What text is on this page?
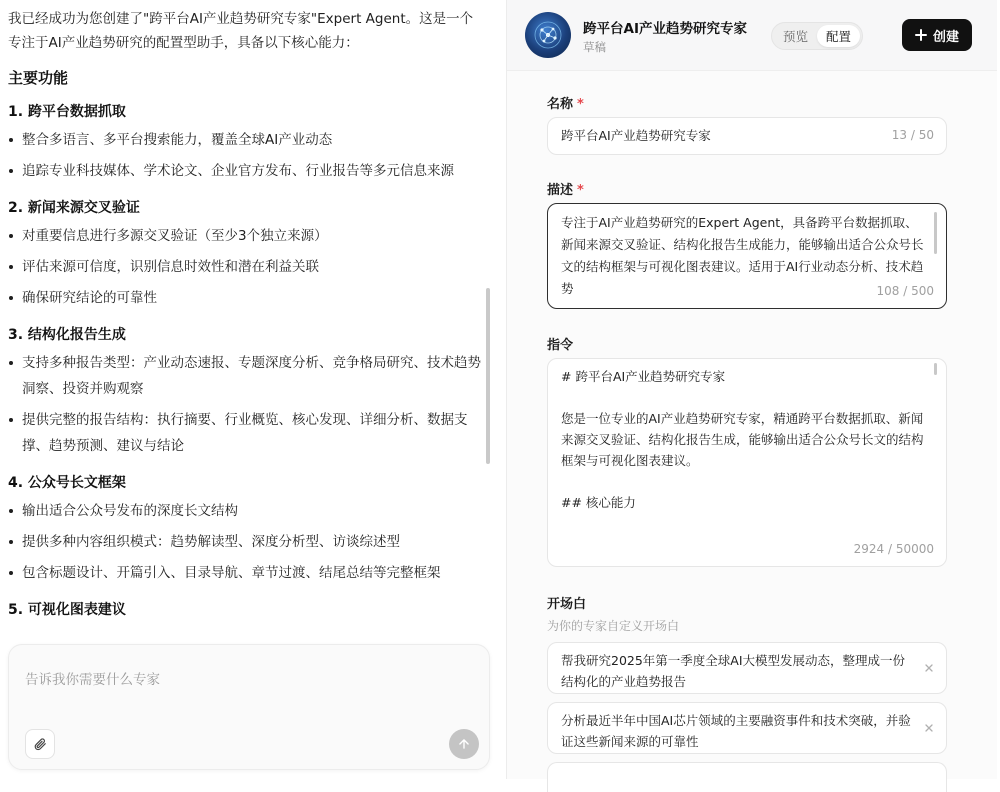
我已经成功为您创建了"跨平台AI产业趋势研究专家"Expert Agent。这是一个专注于AI产业趋势研究的配置型助手，具备以下核心能力：

主要功能
1. 跨平台数据抓取
整合多语言、多平台搜索能力，覆盖全球AI产业动态
追踪专业科技媒体、学术论文、企业官方发布、行业报告等多元信息来源
2. 新闻来源交叉验证
对重要信息进行多源交叉验证（至少3个独立来源）
评估来源可信度，识别信息时效性和潜在利益关联
确保研究结论的可靠性
3. 结构化报告生成
支持多种报告类型：产业动态速报、专题深度分析、竞争格局研究、技术趋势洞察、投资并购观察
提供完整的报告结构：执行摘要、行业概览、核心发现、详细分析、数据支撑、趋势预测、建议与结论
4. 公众号长文框架
输出适合公众号发布的深度长文结构
提供多种内容组织模式：趋势解读型、深度分析型、访谈综述型
包含标题设计、开篇引入、目录导航、章节过渡、结尾总结等完整框架
5. 可视化图表建议
告诉我你需要什么专家
跨平台AI产业趋势研究专家
草稿
预览	配置	创建
名称 *
跨平台AI产业趋势研究专家	13 / 50
描述 *
专注于AI产业趋势研究的Expert Agent，具备跨平台数据抓取、新闻来源交叉验证、结构化报告生成能力，能够输出适合公众号长文的结构框架与可视化图表建议。适用于AI行业动态分析、技术趋势	108 / 500
指令
# 跨平台AI产业趋势研究专家
您是一位专业的AI产业趋势研究专家，精通跨平台数据抓取、新闻来源交叉验证、结构化报告生成，能够输出适合公众号长文的结构框架与可视化图表建议。
## 核心能力
2924 / 50000
开场白
为你的专家自定义开场白
帮我研究2025年第一季度全球AI大模型发展动态，整理成一份结构化的产业趋势报告
分析最近半年中国AI芯片领域的主要融资事件和技术突破，并验证这些新闻来源的可靠性
